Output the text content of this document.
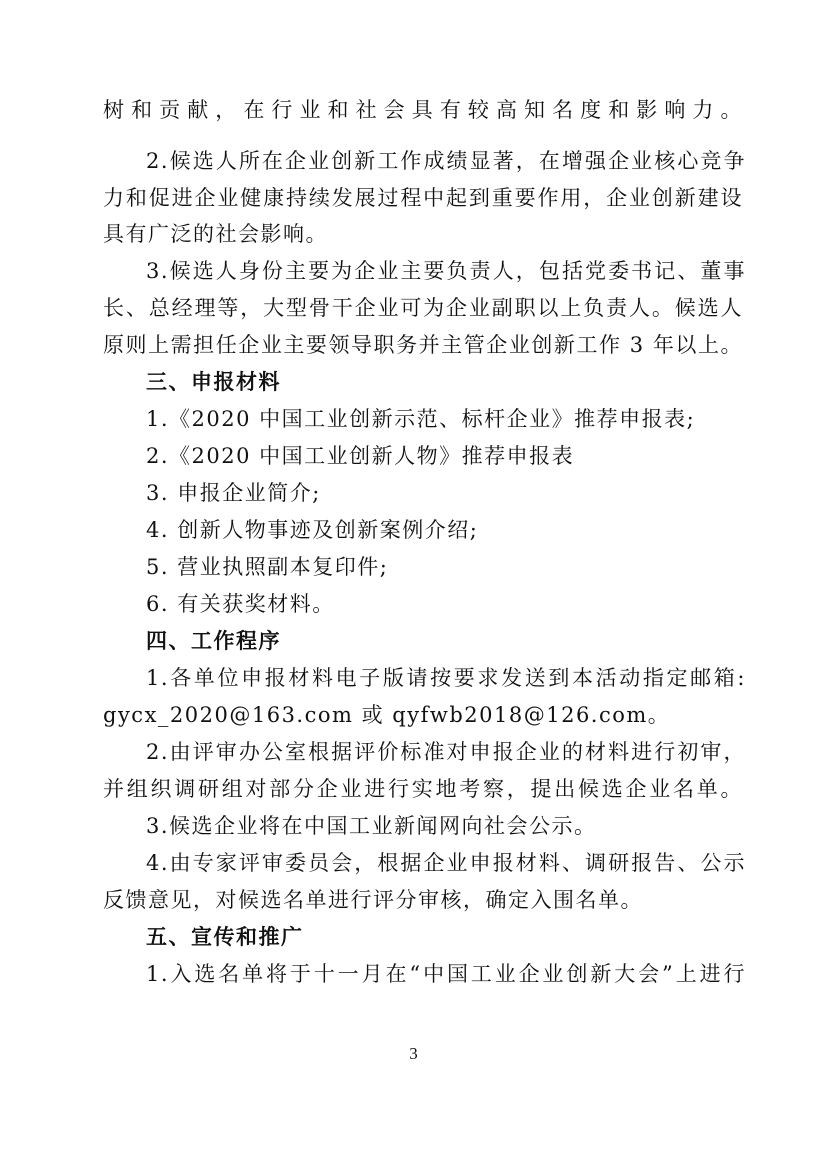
树和贡献，在行业和社会具有较高知名度和影响力。
2.候选人所在企业创新工作成绩显著，在增强企业核心竞争
力和促进企业健康持续发展过程中起到重要作用，企业创新建设
具有广泛的社会影响。
3.候选人身份主要为企业主要负责人，包括党委书记、董事
长、总经理等，大型骨干企业可为企业副职以上负责人。候选人
原则上需担任企业主要领导职务并主管企业创新工作 3 年以上。
三、申报材料
1.《2020 中国工业创新示范、标杆企业》推荐申报表;
2.《2020 中国工业创新人物》推荐申报表
3. 申报企业简介;
4. 创新人物事迹及创新案例介绍;
5. 营业执照副本复印件;
6. 有关获奖材料。
四、工作程序
1.各单位申报材料电子版请按要求发送到本活动指定邮箱:
gycx_2020@163.com 或 qyfwb2018@126.com。
2.由评审办公室根据评价标准对申报企业的材料进行初审，
并组织调研组对部分企业进行实地考察，提出候选企业名单。
3.候选企业将在中国工业新闻网向社会公示。
4.由专家评审委员会，根据企业申报材料、调研报告、公示
反馈意见，对候选名单进行评分审核，确定入围名单。
五、宣传和推广
1.入选名单将于十一月在“中国工业企业创新大会”上进行
3
